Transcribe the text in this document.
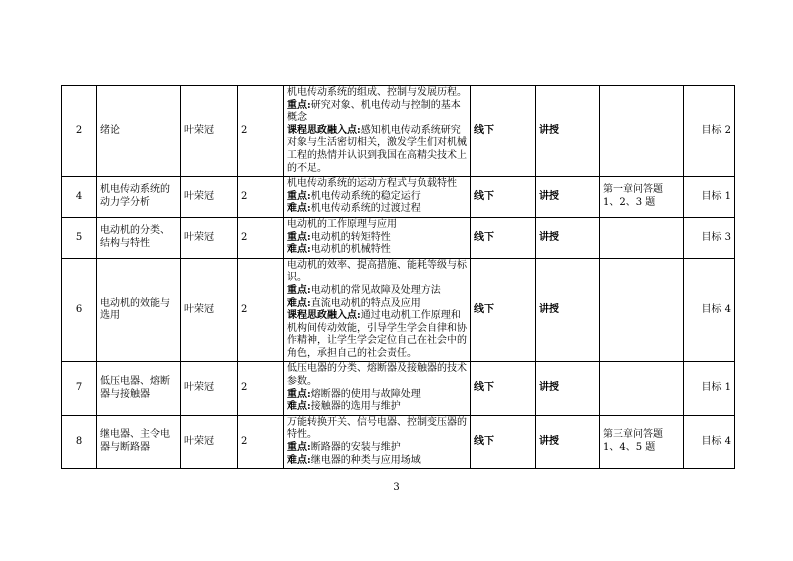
2	绪论	叶荣冠	2	机电传动系统的组成、控制与发展历程。
重点:研究对象、机电传动与控制的基本概念
课程思政融入点:感知机电传动系统研究对象与生活密切相关，激发学生们对机械工程的热情并认识到我国在高精尖技术上的不足。	线下	讲授		目标 2
4	机电传动系统的动力学分析	叶荣冠	2	机电传动系统的运动方程式与负载特性
重点:机电传动系统的稳定运行
难点:机电传动系统的过渡过程	线下	讲授	第一章问答题 1、2、3 题	目标 1
5	电动机的分类、结构与特性	叶荣冠	2	电动机的工作原理与应用
重点:电动机的转矩特性
难点:电动机的机械特性	线下	讲授		目标 3
6	电动机的效能与选用	叶荣冠	2	电动机的效率、提高措施、能耗等级与标识。
重点:电动机的常见故障及处理方法
难点:直流电动机的特点及应用
课程思政融入点:通过电动机工作原理和机构间传动效能，引导学生学会自律和协作精神，让学生学会定位自己在社会中的角色，承担自己的社会责任。	线下	讲授		目标 4
7	低压电器、熔断器与接触器	叶荣冠	2	低压电器的分类、熔断器及接触器的技术参数。
重点:熔断器的使用与故障处理
难点:接触器的选用与维护	线下	讲授		目标 1
8	继电器、主令电器与断路器	叶荣冠	2	万能转换开关、信号电器、控制变压器的特性。
重点:断路器的安装与维护
难点:继电器的种类与应用场域	线下	讲授	第三章问答题 1、4、5 题	目标 4
3
